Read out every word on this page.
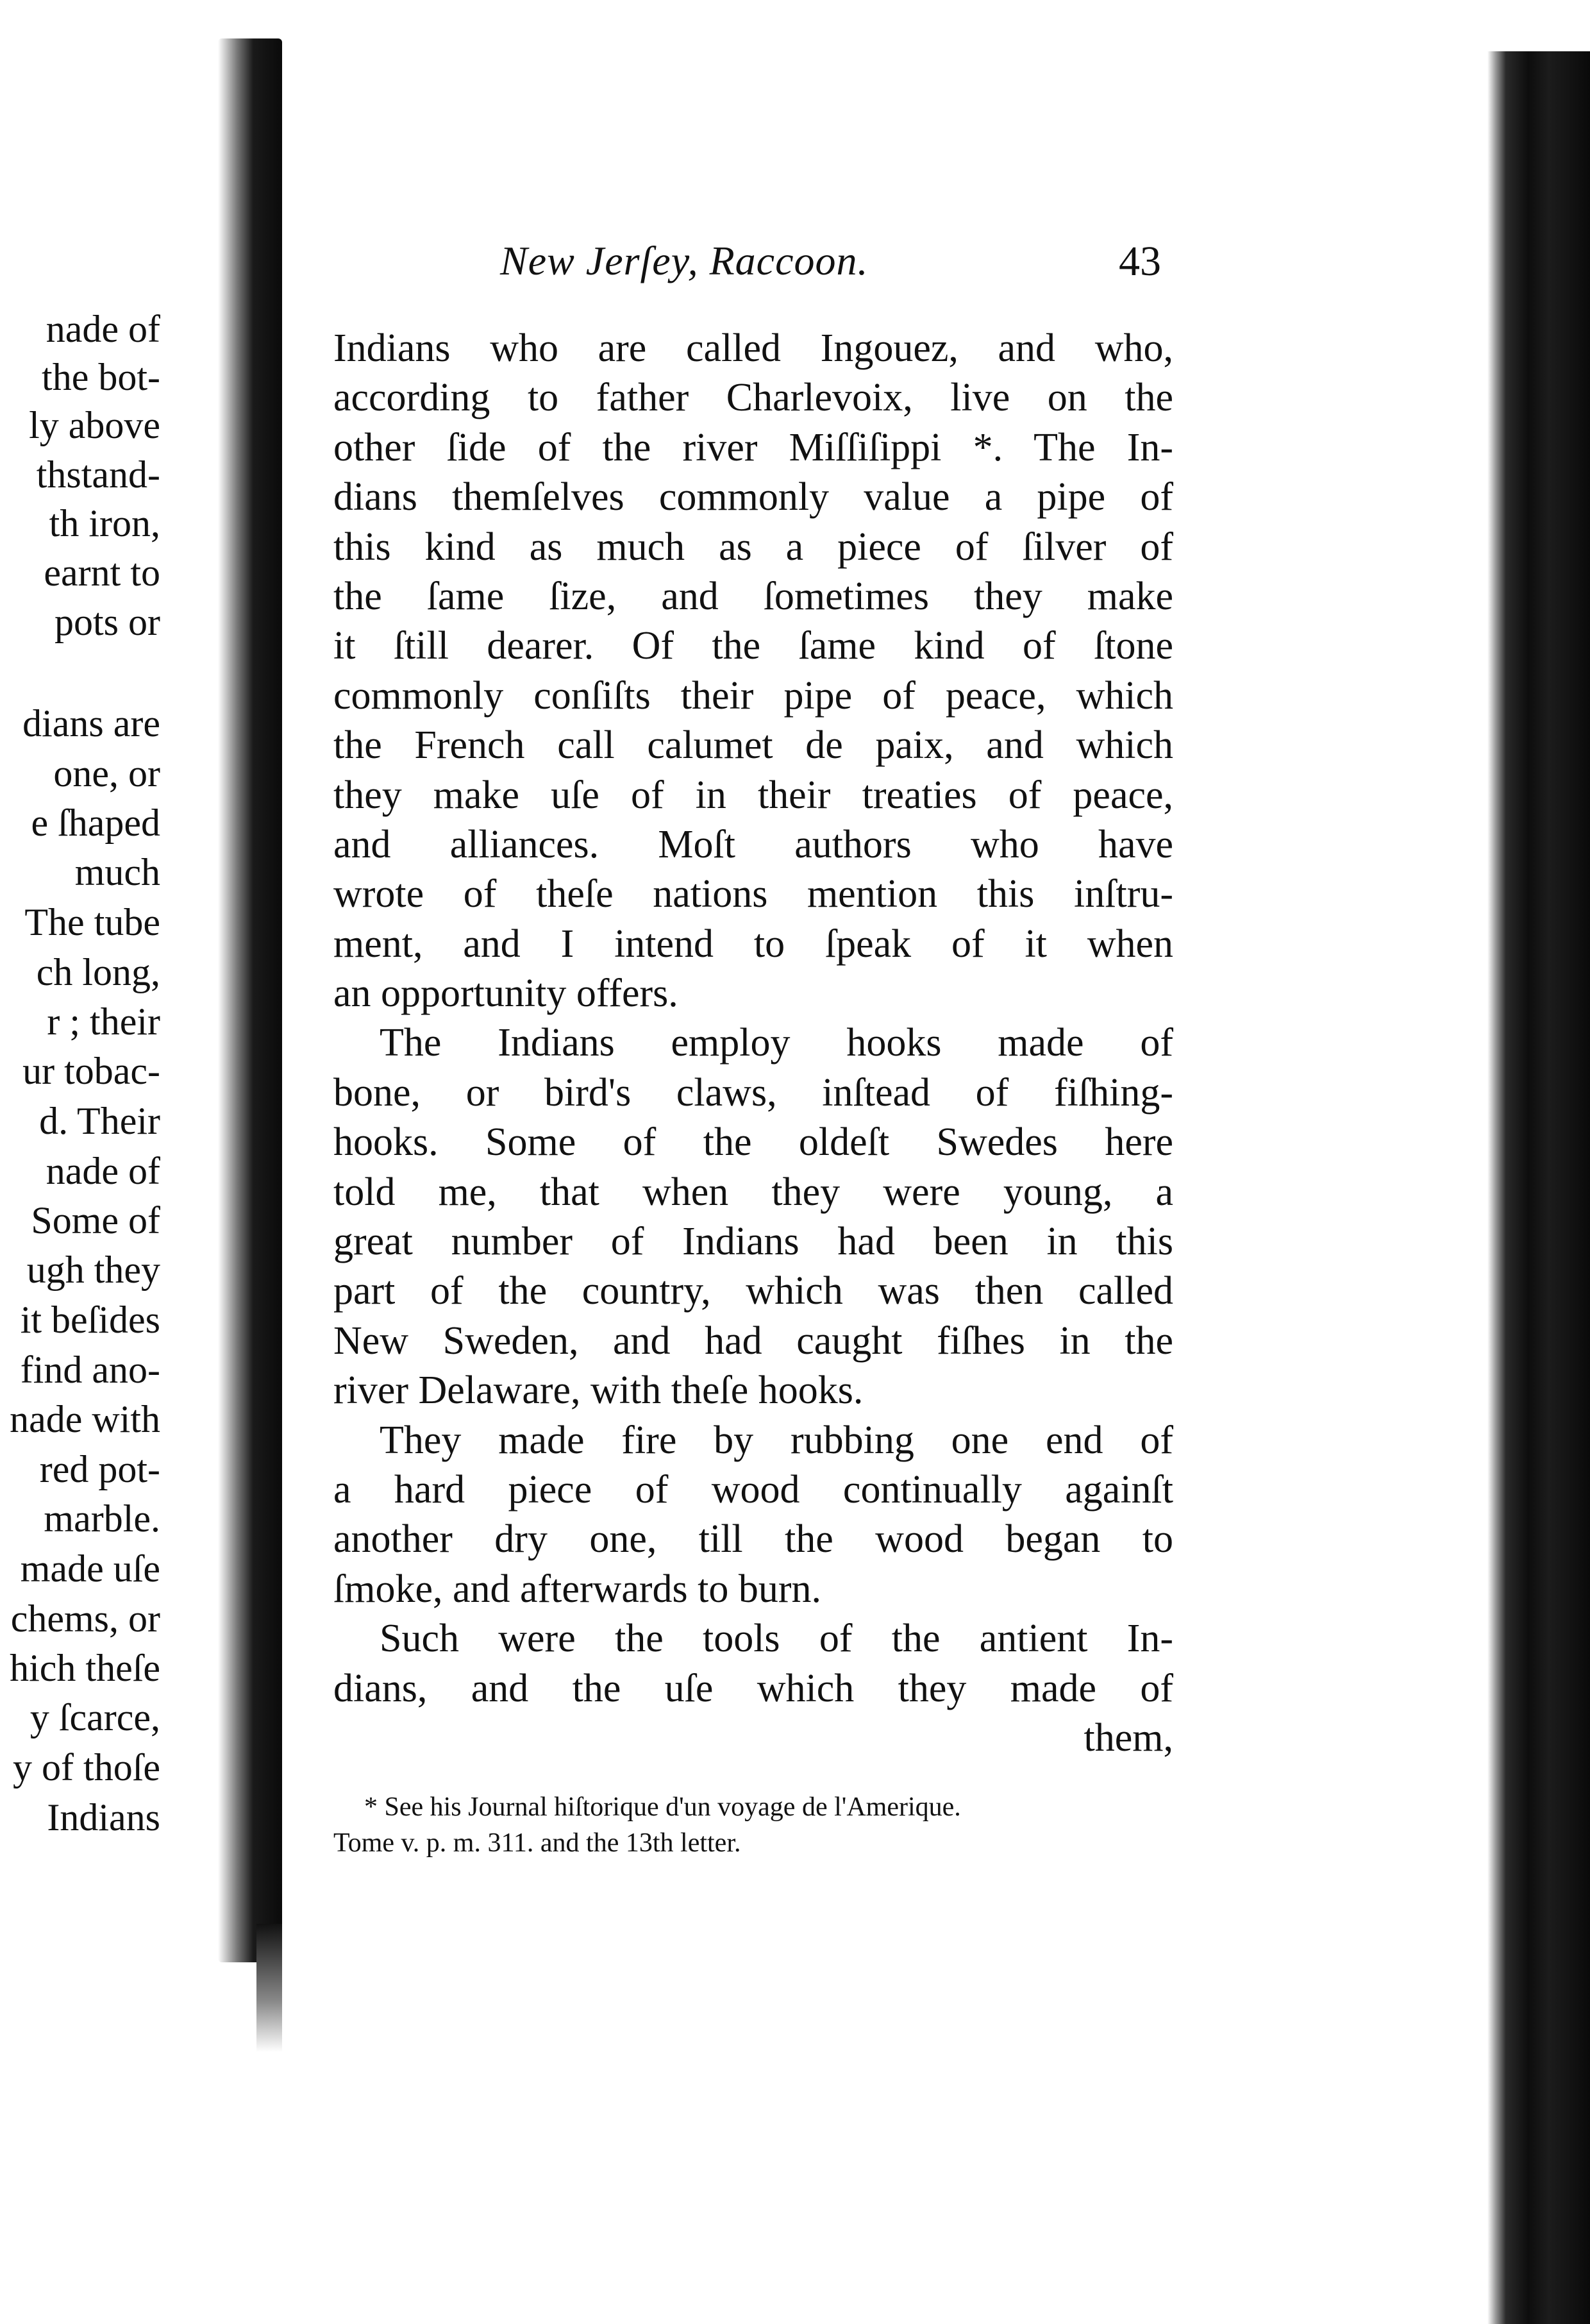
nade of
the bot-
ly above
thstand-
th iron,
earnt to
pots or
dians are
one, or
e ſhaped
much
The tube
ch long,
r ; their
ur tobac-
d. Their
nade of
Some of
ugh they
it beſides
find ano-
nade with
red pot-
marble.
made uſe
chems, or
hich theſe
y ſcarce,
y of thoſe
Indians
New Jerſey, Raccoon.	43
Indians who are called Ingouez, and who,
according to father Charlevoix, live on the
other ſide of the river Miſſiſippi *. The In-
dians themſelves commonly value a pipe of
this kind as much as a piece of ſilver of
the ſame ſize, and ſometimes they make
it ſtill dearer. Of the ſame kind of ſtone
commonly conſiſts their pipe of peace, which
the French call calumet de paix, and which
they make uſe of in their treaties of peace,
and alliances. Moſt authors who have
wrote of theſe nations mention this inſtru-
ment, and I intend to ſpeak of it when
an opportunity offers.
The Indians employ hooks made of
bone, or bird's claws, inſtead of fiſhing-
hooks. Some of the oldeſt Swedes here
told me, that when they were young, a
great number of Indians had been in this
part of the country, which was then called
New Sweden, and had caught fiſhes in the
river Delaware, with theſe hooks.
They made fire by rubbing one end of
a hard piece of wood continually againſt
another dry one, till the wood began to
ſmoke, and afterwards to burn.
Such were the tools of the antient In-
dians, and the uſe which they made of
them,
* See his Journal hiſtorique d'un voyage de l'Amerique.
Tome v. p. m. 311. and the 13th letter.
